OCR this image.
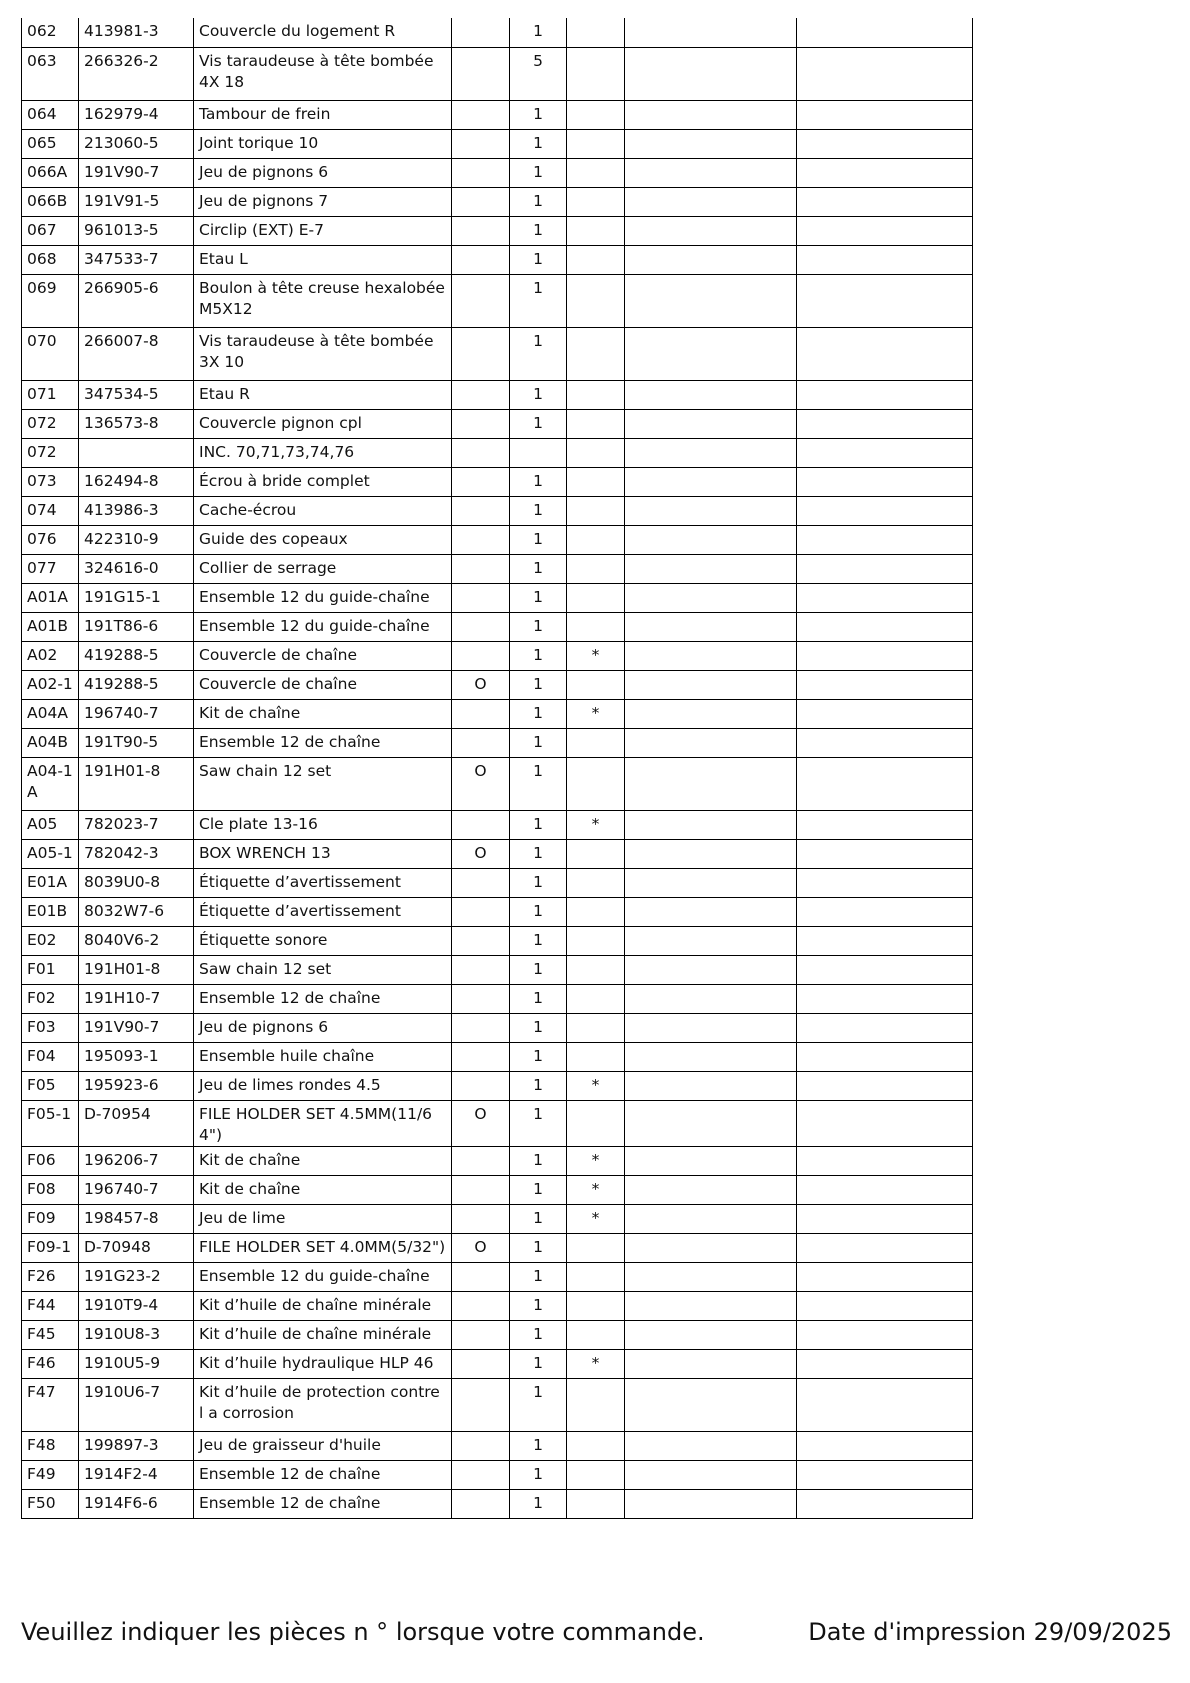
062	413981-3	Couvercle du logement R		1			
063	266326-2	Vis taraudeuse à tête bombée 4X 18		5			
064	162979-4	Tambour de frein		1			
065	213060-5	Joint torique 10		1			
066A	191V90-7	Jeu de pignons 6		1			
066B	191V91-5	Jeu de pignons 7		1			
067	961013-5	Circlip (EXT) E-7		1			
068	347533-7	Etau L		1			
069	266905-6	Boulon à tête creuse hexalobée M5X12		1			
070	266007-8	Vis taraudeuse à tête bombée 3X 10		1			
071	347534-5	Etau R		1			
072	136573-8	Couvercle pignon cpl		1			
072		INC. 70,71,73,74,76					
073	162494-8	Écrou à bride complet		1			
074	413986-3	Cache-écrou		1			
076	422310-9	Guide des copeaux		1			
077	324616-0	Collier de serrage		1			
A01A	191G15-1	Ensemble 12 du guide-chaîne		1			
A01B	191T86-6	Ensemble 12 du guide-chaîne		1			
A02	419288-5	Couvercle de chaîne		1	*		
A02-1	419288-5	Couvercle de chaîne	O	1			
A04A	196740-7	Kit de chaîne		1	*		
A04B	191T90-5	Ensemble 12 de chaîne		1			
A04-1A	191H01-8	Saw chain 12 set	O	1			
A05	782023-7	Cle plate 13-16		1	*		
A05-1	782042-3	BOX WRENCH 13	O	1			
E01A	8039U0-8	Étiquette d’avertissement		1			
E01B	8032W7-6	Étiquette d’avertissement		1			
E02	8040V6-2	Étiquette sonore		1			
F01	191H01-8	Saw chain 12 set		1			
F02	191H10-7	Ensemble 12 de chaîne		1			
F03	191V90-7	Jeu de pignons 6		1			
F04	195093-1	Ensemble huile chaîne		1			
F05	195923-6	Jeu de limes rondes 4.5		1	*		
F05-1	D-70954	FILE HOLDER SET 4.5MM(11/64")	O	1			
F06	196206-7	Kit de chaîne		1	*		
F08	196740-7	Kit de chaîne		1	*		
F09	198457-8	Jeu de lime		1	*		
F09-1	D-70948	FILE HOLDER SET 4.0MM(5/32")	O	1			
F26	191G23-2	Ensemble 12 du guide-chaîne		1			
F44	1910T9-4	Kit d’huile de chaîne minérale		1			
F45	1910U8-3	Kit d’huile de chaîne minérale		1			
F46	1910U5-9	Kit d’huile hydraulique HLP 46		1	*		
F47	1910U6-7	Kit d’huile de protection contre l a corrosion		1			
F48	199897-3	Jeu de graisseur d'huile		1			
F49	1914F2-4	Ensemble 12 de chaîne		1			
F50	1914F6-6	Ensemble 12 de chaîne		1			
Veuillez indiquer les pièces n ° lorsque votre commande.	Date d'impression 29/09/2025
